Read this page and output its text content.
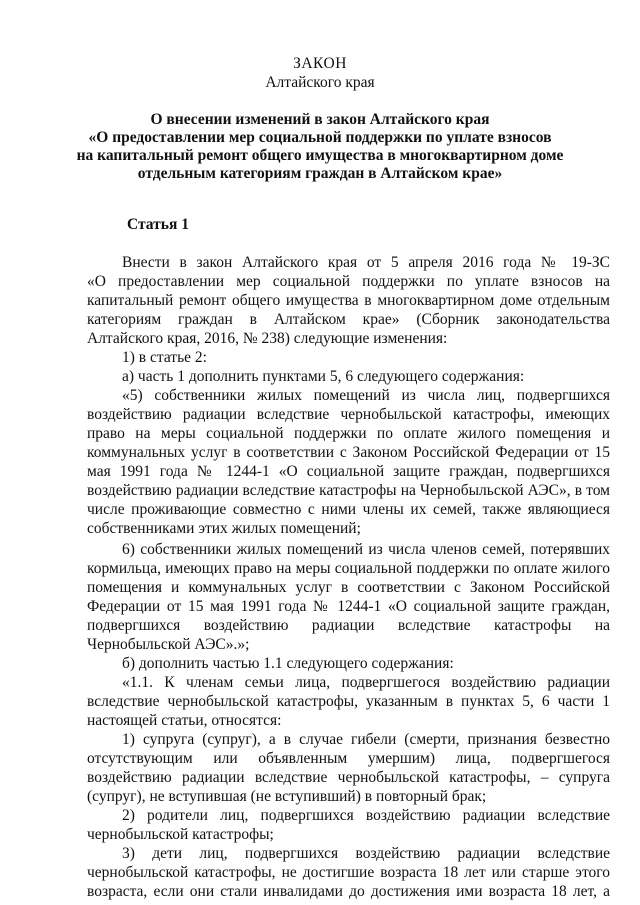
ЗАКОН

Алтайского края

О внесении изменений в закон Алтайского края

«О предоставлении мер социальной поддержки по уплате взносов

на капитальный ремонт общего имущества в многоквартирном доме

отдельным категориям граждан в Алтайском крае»

Статья 1

Внести в закон Алтайского края от 5 апреля 2016 года № 19-ЗС

«О предоставлении мер социальной поддержки по уплате взносов на

капитальный ремонт общего имущества в многоквартирном доме отдельным

категориям граждан в Алтайском крае» (Сборник законодательства

Алтайского края, 2016, № 238) следующие изменения:

1) в статье 2:

а) часть 1 дополнить пунктами 5, 6 следующего содержания:

«5) собственники жилых помещений из числа лиц, подвергшихся

воздействию радиации вследствие чернобыльской катастрофы, имеющих

право на меры социальной поддержки по оплате жилого помещения и

коммунальных услуг в соответствии с Законом Российской Федерации от 15

мая 1991 года № 1244-1 «О социальной защите граждан, подвергшихся

воздействию радиации вследствие катастрофы на Чернобыльской АЭС», в том

числе проживающие совместно с ними члены их семей, также являющиеся

собственниками этих жилых помещений;

6) собственники жилых помещений из числа членов семей, потерявших

кормильца, имеющих право на меры социальной поддержки по оплате жилого

помещения и коммунальных услуг в соответствии с Законом Российской

Федерации от 15 мая 1991 года № 1244-1 «О социальной защите граждан,

подвергшихся воздействию радиации вследствие катастрофы на

Чернобыльской АЭС».»;

б) дополнить частью 1.1 следующего содержания:

«1.1. К членам семьи лица, подвергшегося воздействию радиации

вследствие чернобыльской катастрофы, указанным в пунктах 5, 6 части 1

настоящей статьи, относятся:

1) супруга (супруг), а в случае гибели (смерти, признания безвестно

отсутствующим или объявленным умершим) лица, подвергшегося

воздействию радиации вследствие чернобыльской катастрофы, – супруга

(супруг), не вступившая (не вступивший) в повторный брак;

2) родители лиц, подвергшихся воздействию радиации вследствие

чернобыльской катастрофы;

3) дети лиц, подвергшихся воздействию радиации вследствие

чернобыльской катастрофы, не достигшие возраста 18 лет или старше этого

возраста, если они стали инвалидами до достижения ими возраста 18 лет, а
